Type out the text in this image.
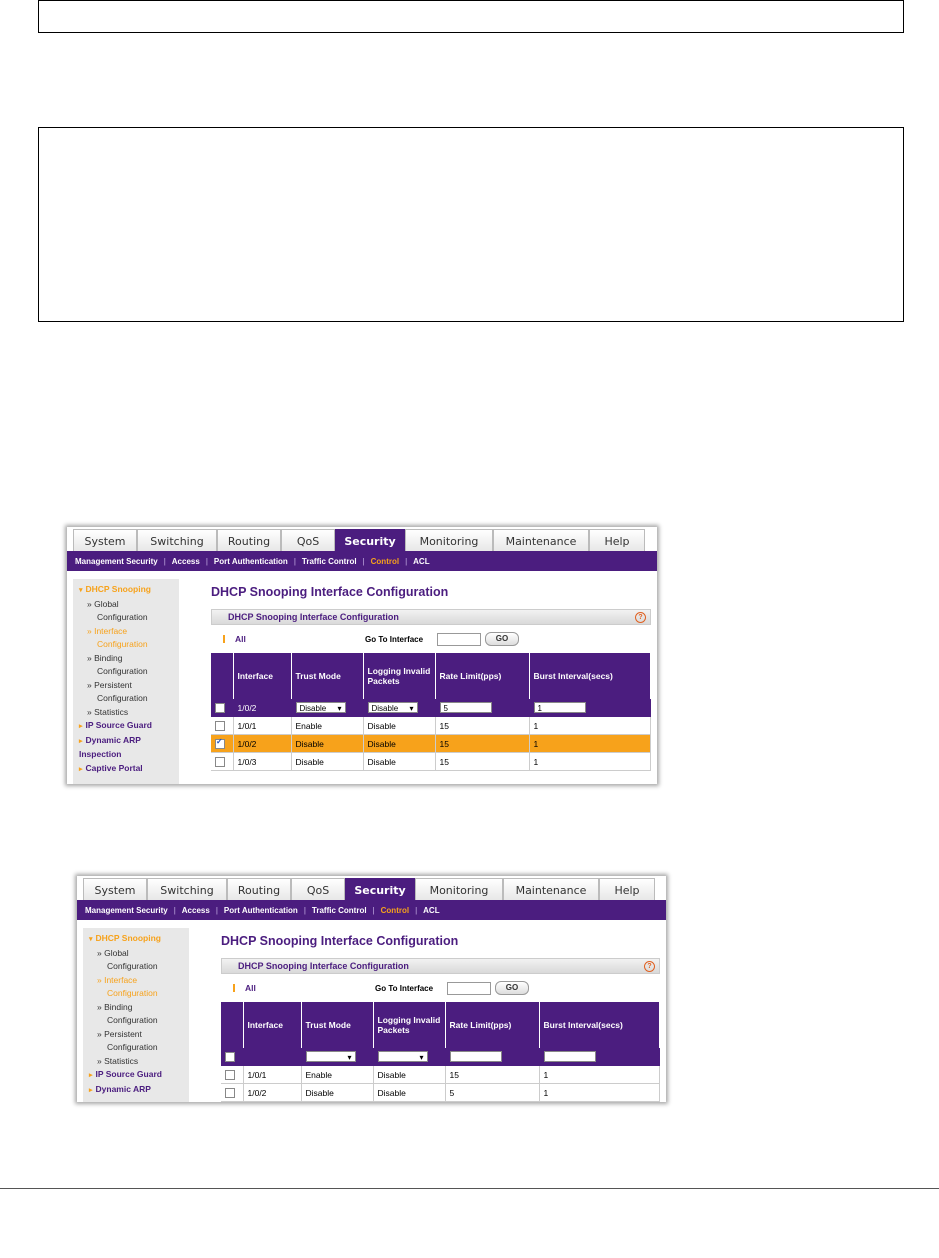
System	Switching	Routing	QoS	Security	Monitoring	Maintenance	Help
Management Security | Access | Port Authentication | Traffic Control | Control | ACL
▾ DHCP Snooping
» Global
Configuration
» Interface
Configuration
» Binding
Configuration
» Persistent
Configuration
» Statistics
▸ IP Source Guard
▸ Dynamic ARP
Inspection
▸ Captive Portal
DHCP Snooping Interface Configuration
DHCP Snooping Interface Configuration	?
All	Go To Interface	GO
	Interface	Trust Mode	Logging Invalid Packets	Rate Limit(pps)	Burst Interval(secs)
	1/0/2	Disable ▾	Disable ▾	5	1
	1/0/1	Enable	Disable	15	1
✓	1/0/2	Disable	Disable	15	1
	1/0/3	Disable	Disable	15	1
System	Switching	Routing	QoS	Security	Monitoring	Maintenance	Help
Management Security | Access | Port Authentication | Traffic Control | Control | ACL
▾ DHCP Snooping
» Global
Configuration
» Interface
Configuration
» Binding
Configuration
» Persistent
Configuration
» Statistics
▸ IP Source Guard
▸ Dynamic ARP
DHCP Snooping Interface Configuration
DHCP Snooping Interface Configuration	?
All	Go To Interface	GO
	Interface	Trust Mode	Logging Invalid Packets	Rate Limit(pps)	Burst Interval(secs)
		▾	▾		
	1/0/1	Enable	Disable	15	1
	1/0/2	Disable	Disable	5	1
